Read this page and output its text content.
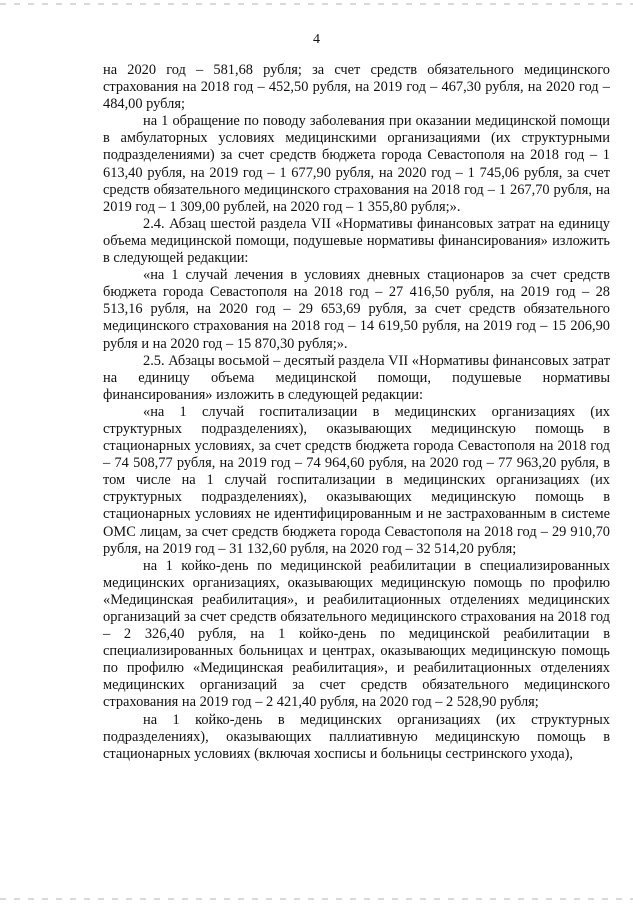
4

на 2020 год – 581,68 рубля; за счет средств обязательного медицинского страхования на 2018 год – 452,50 рубля, на 2019 год – 467,30 рубля, на 2020 год – 484,00 рубля;

на 1 обращение по поводу заболевания при оказании медицинской помощи в амбулаторных условиях медицинскими организациями (их структурными подразделениями) за счет средств бюджета города Севастополя на 2018 год – 1 613,40 рубля, на 2019 год – 1 677,90 рубля, на 2020 год – 1 745,06 рубля, за счет средств обязательного медицинского страхования на 2018 год – 1 267,70 рубля, на 2019 год – 1 309,00 рублей, на 2020 год – 1 355,80 рубля;».

2.4. Абзац шестой раздела VII «Нормативы финансовых затрат на единицу объема медицинской помощи, подушевые нормативы финансирования» изложить в следующей редакции:

«на 1 случай лечения в условиях дневных стационаров за счет средств бюджета города Севастополя на 2018 год – 27 416,50 рубля, на 2019 год – 28 513,16 рубля, на 2020 год – 29 653,69 рубля, за счет средств обязательного медицинского страхования на 2018 год – 14 619,50 рубля, на 2019 год – 15 206,90 рубля и на 2020 год – 15 870,30 рубля;».

2.5. Абзацы восьмой – десятый раздела VII «Нормативы финансовых затрат на единицу объема медицинской помощи, подушевые нормативы финансирования» изложить в следующей редакции:

«на 1 случай госпитализации в медицинских организациях (их структурных подразделениях), оказывающих медицинскую помощь в стационарных условиях, за счет средств бюджета города Севастополя на 2018 год – 74 508,77 рубля, на 2019 год – 74 964,60 рубля, на 2020 год – 77 963,20 рубля, в том числе на 1 случай госпитализации в медицинских организациях (их структурных подразделениях), оказывающих медицинскую помощь в стационарных условиях не идентифицированным и не застрахованным в системе ОМС лицам, за счет средств бюджета города Севастополя на 2018 год – 29 910,70 рубля, на 2019 год – 31 132,60 рубля, на 2020 год – 32 514,20 рубля;

на 1 койко-день по медицинской реабилитации в специализированных медицинских организациях, оказывающих медицинскую помощь по профилю «Медицинская реабилитация», и реабилитационных отделениях медицинских организаций за счет средств обязательного медицинского страхования на 2018 год – 2 326,40 рубля, на 1 койко-день по медицинской реабилитации в специализированных больницах и центрах, оказывающих медицинскую помощь по профилю «Медицинская реабилитация», и реабилитационных отделениях медицинских организаций за счет средств обязательного медицинского страхования на 2019 год – 2 421,40 рубля, на 2020 год – 2 528,90 рубля;

на 1 койко-день в медицинских организациях (их структурных подразделениях), оказывающих паллиативную медицинскую помощь в стационарных условиях (включая хосписы и больницы сестринского ухода),
